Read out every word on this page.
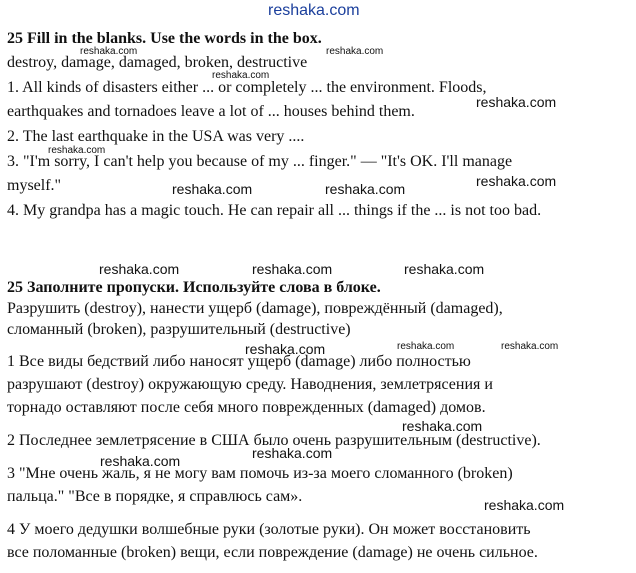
reshaka.com
25 Fill in the blanks. Use the words in the box.
destroy, damage, damaged, broken, destructive
1. All kinds of disasters either ... or completely ... the environment. Floods,
earthquakes and tornadoes leave a lot of ... houses behind them.
2. The last earthquake in the USA was very ....
3. "I'm sorry, I can't help you because of my ... finger." — "It's OK. I'll manage
myself."
4. My grandpa has a magic touch. He can repair all ... things if the ... is not too bad.
25 Заполните пропуски. Используйте слова в блоке.
Разрушить (destroy), нанести ущерб (damage), повреждённый (damaged),
сломанный (broken), разрушительный (destructive)
1 Все виды бедствий либо наносят ущерб (damage) либо полностью
разрушают (destroy) окружающую среду. Наводнения, землетрясения и
торнадо оставляют после себя много поврежденных (damaged) домов.
2 Последнее землетрясение в США было очень разрушительным (destructive).
3 "Мне очень жаль, я не могу вам помочь из-за моего сломанного (broken)
пальца." "Все в порядке, я справлюсь сам».
4 У моего дедушки волшебные руки (золотые руки). Он может восстановить
все поломанные (broken) вещи, если повреждение (damage) не очень сильное.
reshaka.com	reshaka.com
reshaka.com
reshaka.com
reshaka.com	reshaka.com
reshaka.com
reshaka.com
reshaka.com	reshaka.com
reshaka.com	reshaka.com	reshaka.com
reshaka.com
reshaka.com
reshaka.com
reshaka.com
reshaka.com
